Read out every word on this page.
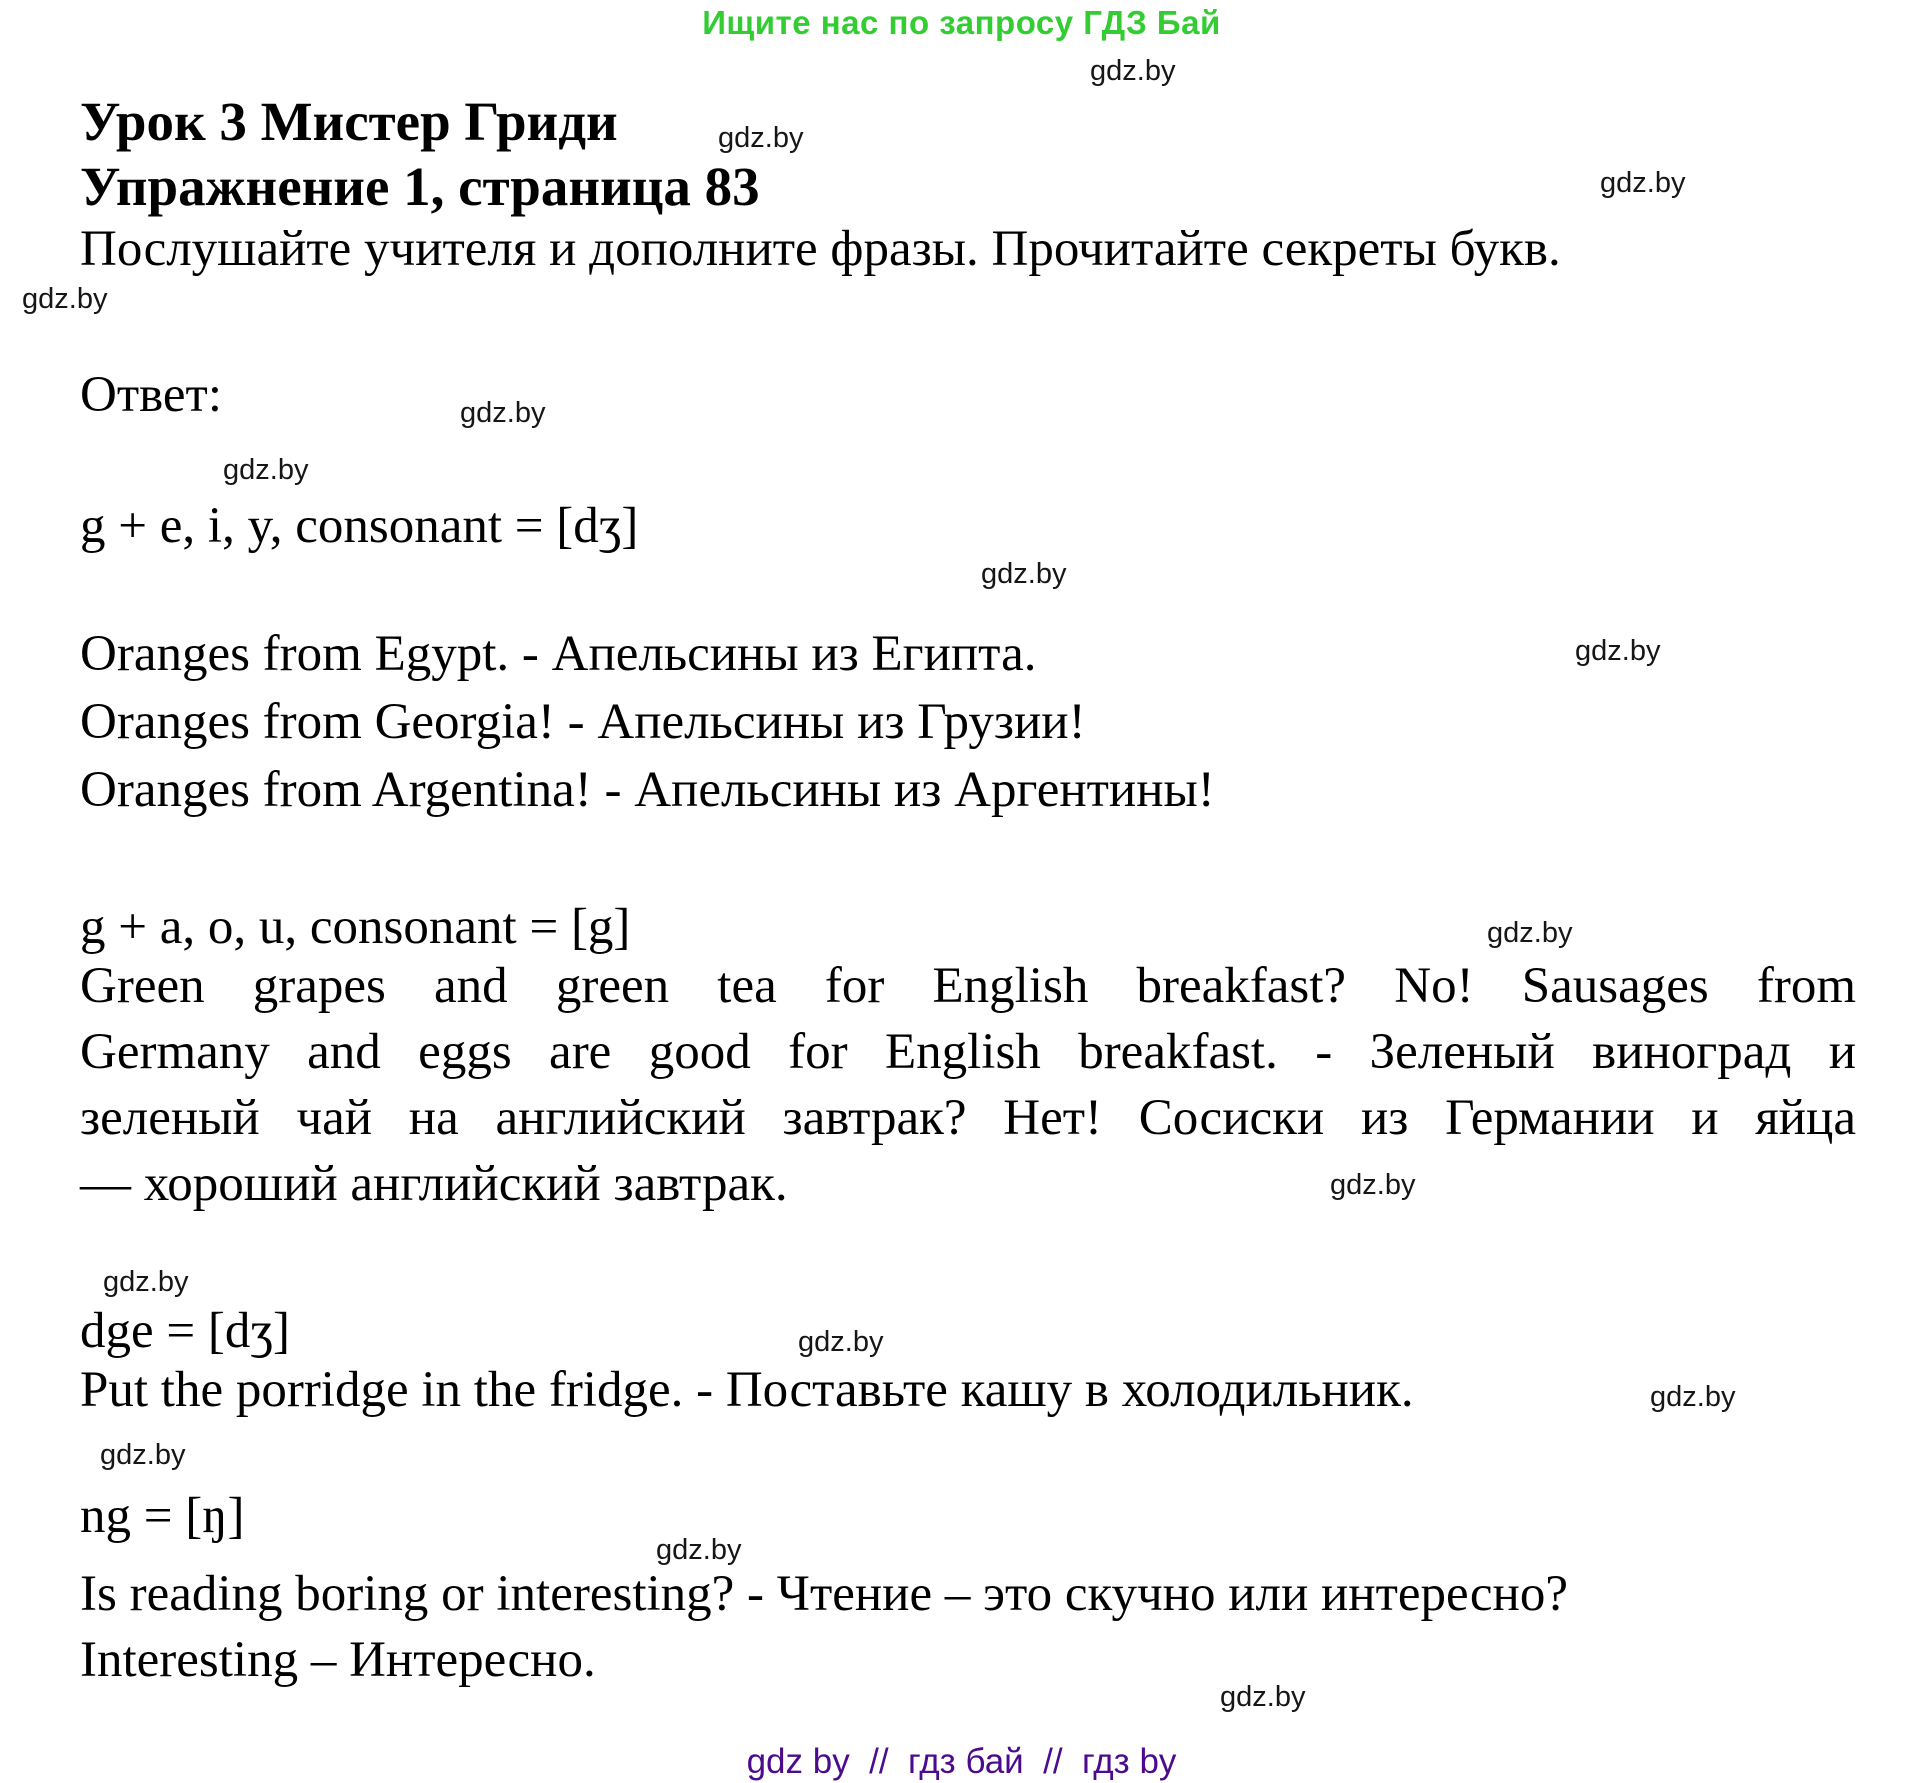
Ищите нас по запросу ГДЗ Бай
gdz.by
gdz.by
gdz.by
gdz.by
gdz.by
gdz.by
gdz.by
gdz.by
gdz.by
gdz.by
gdz.by
gdz.by
gdz.by
gdz.by
gdz.by
gdz.by
Урок 3 Мистер Гриди
Упражнение 1, страница 83
Послушайте учителя и дополните фразы. Прочитайте секреты букв.
Ответ:
g + e, i, y, consonant = [dʒ]
Oranges from Egypt. - Апельсины из Египта.
Oranges from Georgia! - Апельсины из Грузии!
Oranges from Argentina! - Апельсины из Аргентины!
g + a, o, u, consonant = [g]
Green grapes and green tea for English breakfast? No! Sausages from
Germany and eggs are good for English breakfast. - Зеленый виноград и
зеленый чай на английский завтрак? Нет! Сосиски из Германии и яйца
— хороший английский завтрак.
dge = [dʒ]
Put the porridge in the fridge. - Поставьте кашу в холодильник.
ng = [ŋ]
Is reading boring or interesting? - Чтение – это скучно или интересно?
Interesting – Интересно.
gdz by  //  гдз бай  //  гдз by
